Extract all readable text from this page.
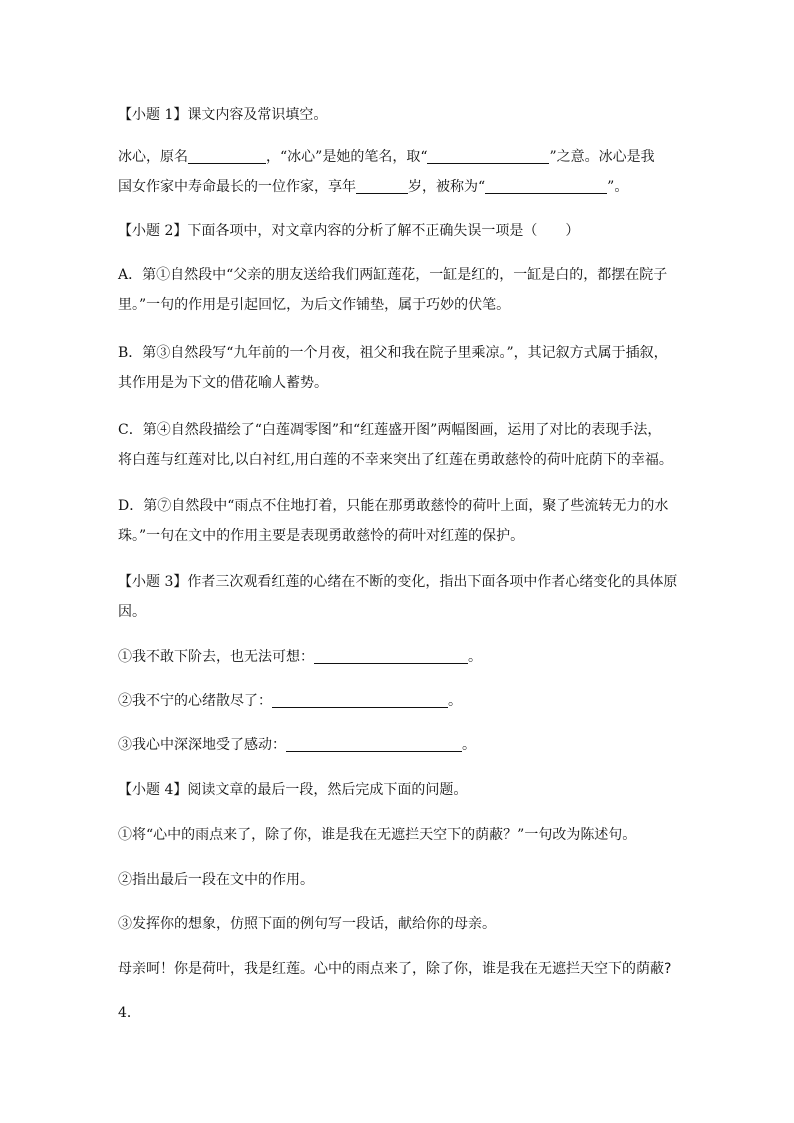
【小题 1】课文内容及常识填空。
冰心，原名	，“冰心”是她的笔名，取“	”之意。冰心是我
国女作家中寿命最长的一位作家，享年	岁，被称为“	”。
【小题 2】下面各项中，对文章内容的分析了解不正确失误一项是（　　）
A．第①自然段中“父亲的朋友送给我们两缸莲花，一缸是红的，一缸是白的，都摆在院子
里。”一句的作用是引起回忆，为后文作铺垫，属于巧妙的伏笔。
B．第③自然段写“九年前的一个月夜，祖父和我在院子里乘凉。”，其记叙方式属于插叙，
其作用是为下文的借花喻人蓄势。
C．第④自然段描绘了“白莲凋零图”和“红莲盛开图”两幅图画，运用了对比的表现手法，
将白莲与红莲对比,以白衬红,用白莲的不幸来突出了红莲在勇敢慈怜的荷叶庇荫下的幸福。
D．第⑦自然段中“雨点不住地打着，只能在那勇敢慈怜的荷叶上面，聚了些流转无力的水
珠。”一句在文中的作用主要是表现勇敢慈怜的荷叶对红莲的保护。
【小题 3】作者三次观看红莲的心绪在不断的变化，指出下面各项中作者心绪变化的具体原
因。
①我不敢下阶去，也无法可想：	。
②我不宁的心绪散尽了：	。
③我心中深深地受了感动：	。
【小题 4】阅读文章的最后一段，然后完成下面的问题。
①将“心中的雨点来了，除了你，谁是我在无遮拦天空下的荫蔽？”一句改为陈述句。
②指出最后一段在文中的作用。
③发挥你的想象，仿照下面的例句写一段话，献给你的母亲。
母亲呵！你是荷叶，我是红莲。心中的雨点来了，除了你，谁是我在无遮拦天空下的荫蔽?
4．
